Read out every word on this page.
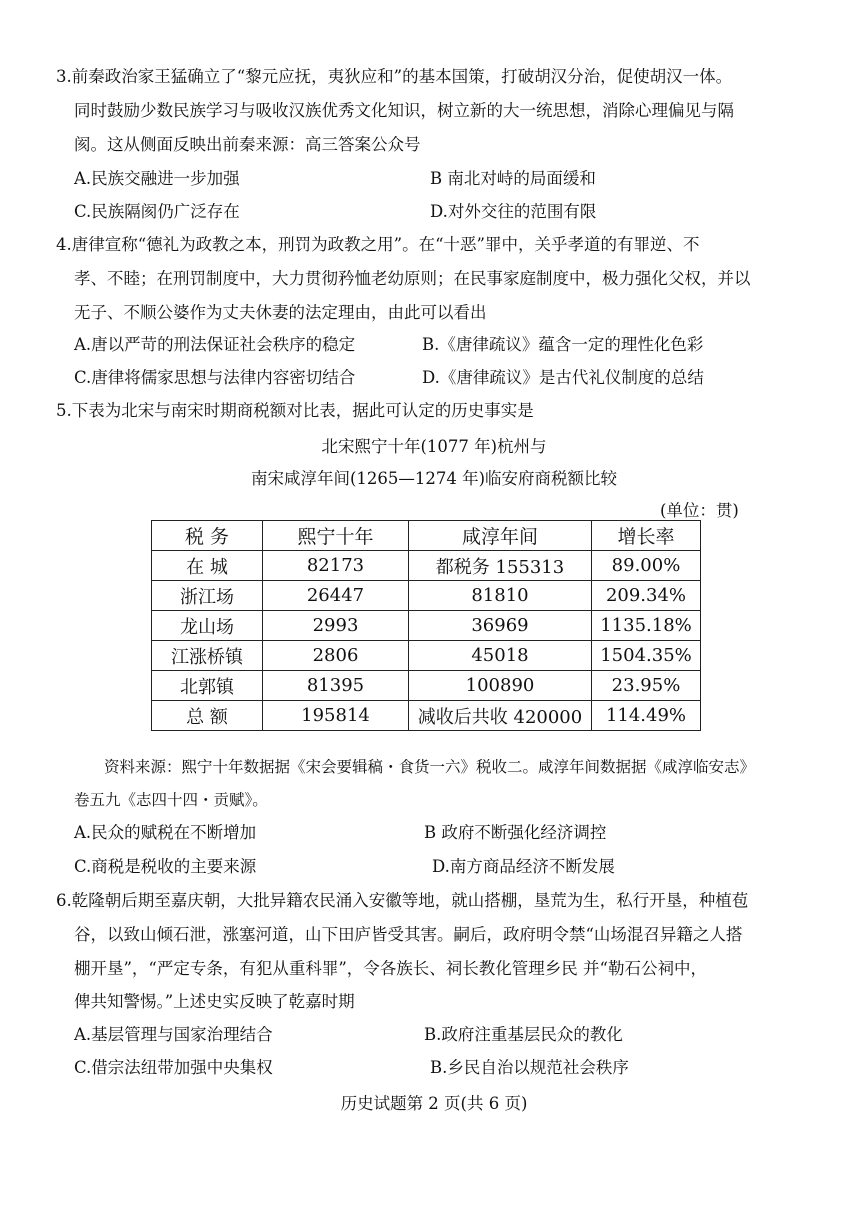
3.前秦政治家王猛确立了“黎元应抚，夷狄应和”的基本国策，打破胡汉分治，促使胡汉一体。
同时鼓励少数民族学习与吸收汉族优秀文化知识，树立新的大一统思想，消除心理偏见与隔
阂。这从侧面反映出前秦来源：高三答案公众号
A.民族交融进一步加强	B 南北对峙的局面缓和
C.民族隔阂仍广泛存在	D.对外交往的范围有限
4.唐律宣称“德礼为政教之本，刑罚为政教之用”。在“十恶”罪中，关乎孝道的有罪逆、不
孝、不睦；在刑罚制度中，大力贯彻矜恤老幼原则；在民事家庭制度中，极力强化父权，并以
无子、不顺公婆作为丈夫休妻的法定理由，由此可以看出
A.唐以严苛的刑法保证社会秩序的稳定	B.《唐律疏议》蕴含一定的理性化色彩
C.唐律将儒家思想与法律内容密切结合	D.《唐律疏议》是古代礼仪制度的总结
5.下表为北宋与南宋时期商税额对比表，据此可认定的历史事实是
北宋熙宁十年(1077 年)杭州与
南宋咸淳年间(1265—1274 年)临安府商税额比较
(单位：贯)
税 务	熙宁十年	咸淳年间	增长率
在 城	82173	都税务 155313	89.00%
浙江场	26447	81810	209.34%
龙山场	2993	36969	1135.18%
江涨桥镇	2806	45018	1504.35%
北郭镇	81395	100890	23.95%
总 额	195814	减收后共收 420000	114.49%
资料来源：熙宁十年数据据《宋会要辑稿・食货一六》税收二。咸淳年间数据据《咸淳临安志》
卷五九《志四十四・贡赋》。
A.民众的赋税在不断增加	B 政府不断强化经济调控
C.商税是税收的主要来源	D.南方商品经济不断发展
6.乾隆朝后期至嘉庆朝，大批异籍农民涌入安徽等地，就山搭棚，垦荒为生，私行开垦，种植苞
谷，以致山倾石泄，涨塞河道，山下田庐皆受其害。嗣后，政府明令禁“山场混召异籍之人搭
棚开垦”，“严定专条，有犯从重科罪”，令各族长、祠长教化管理乡民 并“勒石公祠中，
俾共知警惕。”上述史实反映了乾嘉时期
A.基层管理与国家治理结合	B.政府注重基层民众的教化
C.借宗法纽带加强中央集权	B.乡民自治以规范社会秩序
历史试题第 2 页(共 6 页)
